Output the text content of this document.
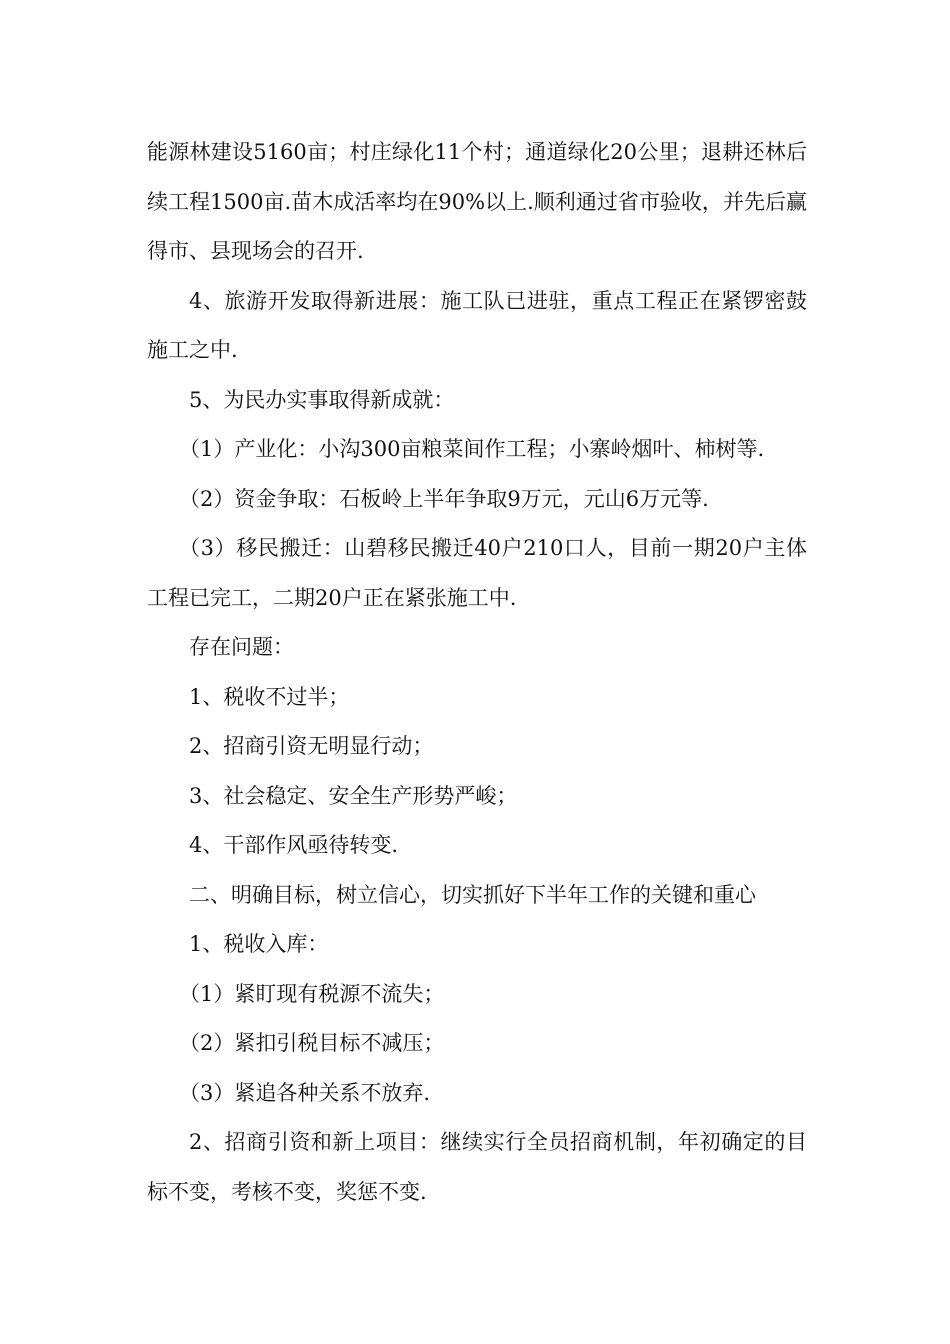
能源林建设5160亩；村庄绿化11个村；通道绿化20公里；退耕还林后续工程1500亩.苗木成活率均在90%以上.顺利通过省市验收，并先后赢得市、县现场会的召开.

4、旅游开发取得新进展：施工队已进驻，重点工程正在紧锣密鼓施工之中.

5、为民办实事取得新成就：

（1）产业化：小沟300亩粮菜间作工程；小寨岭烟叶、柿树等.

（2）资金争取：石板岭上半年争取9万元，元山6万元等.

（3）移民搬迁：山碧移民搬迁40户210口人，目前一期20户主体工程已完工，二期20户正在紧张施工中.

存在问题：

1、税收不过半；

2、招商引资无明显行动；

3、社会稳定、安全生产形势严峻；

4、干部作风亟待转变.

二、明确目标，树立信心，切实抓好下半年工作的关键和重心

1、税收入库：

（1）紧盯现有税源不流失；

（2）紧扣引税目标不减压；

（3）紧追各种关系不放弃.

2、招商引资和新上项目：继续实行全员招商机制，年初确定的目标不变，考核不变，奖惩不变.
